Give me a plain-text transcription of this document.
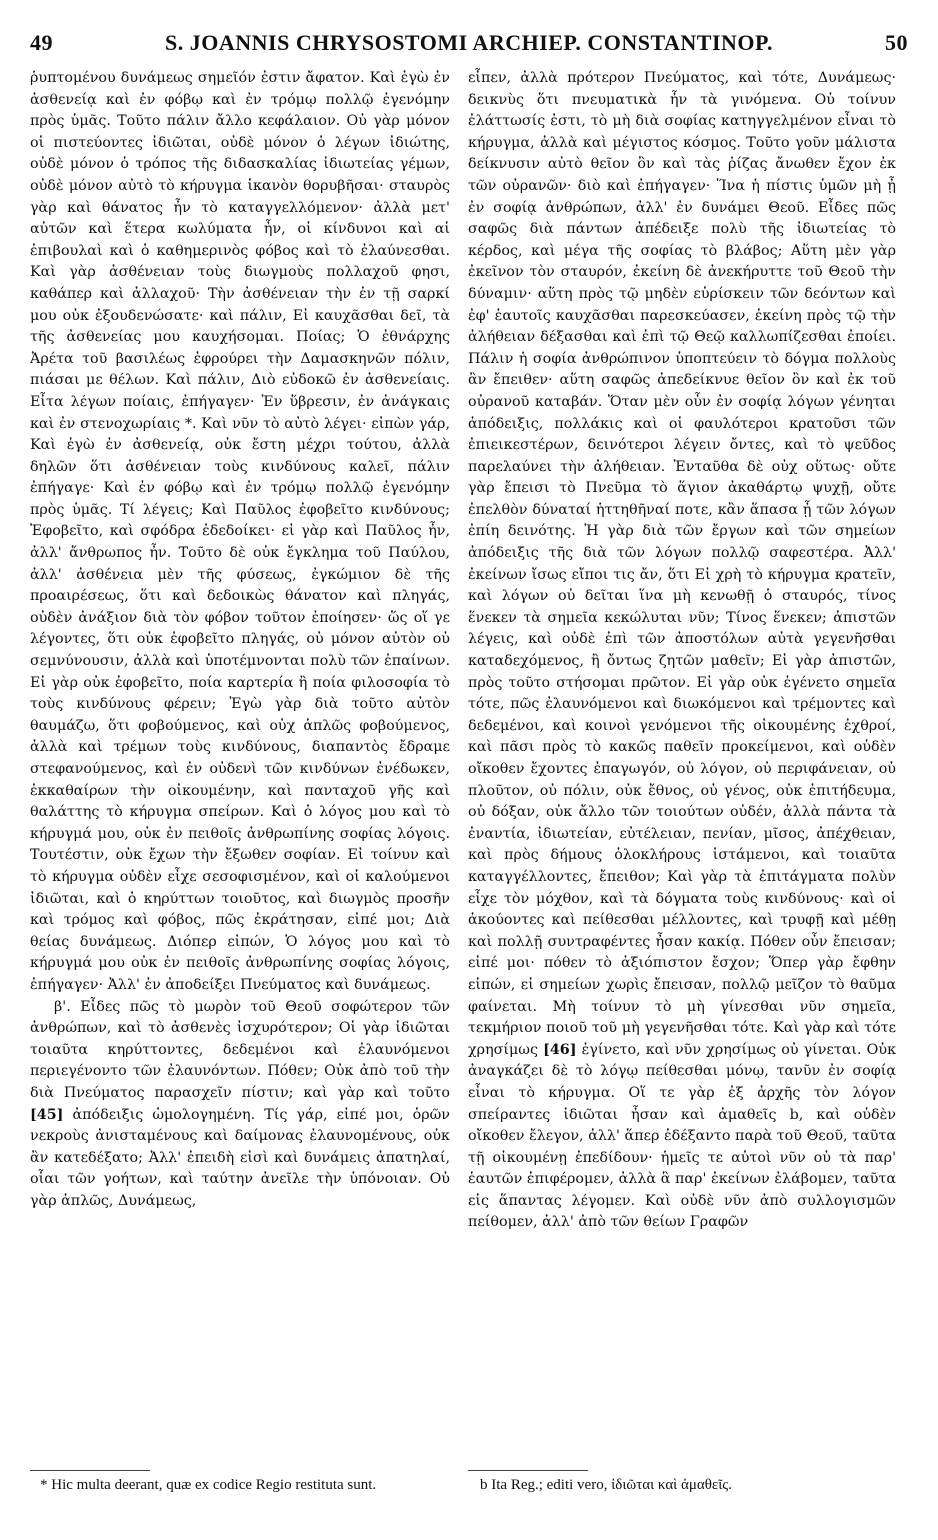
49	S. JOANNIS CHRYSOSTOMI ARCHIEP. CONSTANTINOP.	50

ῥυπτομένου δυνάμεως σημεῖόν ἐστιν ἄφατον. Καὶ ἐγὼ ἐν ἀσθενείᾳ καὶ ἐν φόβῳ καὶ ἐν τρόμῳ πολλῷ ἐγενόμην πρὸς ὑμᾶς. Τοῦτο πάλιν ἄλλο κεφάλαιον. Οὐ γὰρ μόνον οἱ πιστεύοντες ἰδιῶται, οὐδὲ μόνον ὁ λέγων ἰδιώτης, οὐδὲ μόνον ὁ τρόπος τῆς διδασκαλίας ἰδιωτείας γέμων, οὐδὲ μόνον αὐτὸ τὸ κήρυγμα ἱκανὸν θορυβῆσαι· σταυρὸς γὰρ καὶ θάνατος ἦν τὸ καταγγελλόμενον· ἀλλὰ μετ' αὐτῶν καὶ ἕτερα κωλύματα ἦν, οἱ κίνδυνοι καὶ αἱ ἐπιβουλαὶ καὶ ὁ καθημερινὸς φόβος καὶ τὸ ἐλαύνεσθαι. Καὶ γὰρ ἀσθένειαν τοὺς διωγμοὺς πολλαχοῦ φησι, καθάπερ καὶ ἀλλαχοῦ· Τὴν ἀσθένειαν τὴν ἐν τῇ σαρκί μου οὐκ ἐξουδενώσατε· καὶ πάλιν, Εἰ καυχᾶσθαι δεῖ, τὰ τῆς ἀσθενείας μου καυχήσομαι. Ποίας; Ὁ ἐθνάρχης Ἀρέτα τοῦ βασιλέως ἐφρούρει τὴν Δαμασκηνῶν πόλιν, πιάσαι με θέλων. Καὶ πάλιν, Διὸ εὐδοκῶ ἐν ἀσθενείαις. Εἶτα λέγων ποίαις, ἐπήγαγεν· Ἐν ὕβρεσιν, ἐν ἀνάγκαις καὶ ἐν στενοχωρίαις *. Καὶ νῦν τὸ αὐτὸ λέγει· εἰπὼν γάρ, Καὶ ἐγὼ ἐν ἀσθενείᾳ, οὐκ ἔστη μέχρι τούτου, ἀλλὰ δηλῶν ὅτι ἀσθένειαν τοὺς κινδύνους καλεῖ, πάλιν ἐπήγαγε· Καὶ ἐν φόβῳ καὶ ἐν τρόμῳ πολλῷ ἐγενόμην πρὸς ὑμᾶς. Τί λέγεις; Καὶ Παῦλος ἐφοβεῖτο κινδύνους; Ἐφοβεῖτο, καὶ σφόδρα ἐδεδοίκει· εἰ γὰρ καὶ Παῦλος ἦν, ἀλλ' ἄνθρωπος ἦν. Τοῦτο δὲ οὐκ ἔγκλημα τοῦ Παύλου, ἀλλ' ἀσθένεια μὲν τῆς φύσεως, ἐγκώμιον δὲ τῆς προαιρέσεως, ὅτι καὶ δεδοικὼς θάνατον καὶ πληγάς, οὐδὲν ἀνάξιον διὰ τὸν φόβον τοῦτον ἐποίησεν· ὥς οἵ γε λέγοντες, ὅτι οὐκ ἐφοβεῖτο πληγάς, οὐ μόνον αὐτὸν οὐ σεμνύνουσιν, ἀλλὰ καὶ ὑποτέμνονται πολὺ τῶν ἐπαίνων. Εἰ γὰρ οὐκ ἐφοβεῖτο, ποία καρτερία ἢ ποία φιλοσοφία τὸ τοὺς κινδύνους φέρειν; Ἐγὼ γὰρ διὰ τοῦτο αὐτὸν θαυμάζω, ὅτι φοβούμενος, καὶ οὐχ ἁπλῶς φοβούμενος, ἀλλὰ καὶ τρέμων τοὺς κινδύνους, διαπαντὸς ἔδραμε στεφανούμενος, καὶ ἐν οὐδενὶ τῶν κινδύνων ἐνέδωκεν, ἐκκαθαίρων τὴν οἰκουμένην, καὶ πανταχοῦ γῆς καὶ θαλάττης τὸ κήρυγμα σπείρων. Καὶ ὁ λόγος μου καὶ τὸ κήρυγμά μου, οὐκ ἐν πειθοῖς ἀνθρωπίνης σοφίας λόγοις. Τουτέστιν, οὐκ ἔχων τὴν ἔξωθεν σοφίαν. Εἰ τοίνυν καὶ τὸ κήρυγμα οὐδὲν εἶχε σεσοφισμένον, καὶ οἱ καλούμενοι ἰδιῶται, καὶ ὁ κηρύττων τοιοῦτος, καὶ διωγμὸς προσῆν καὶ τρόμος καὶ φόβος, πῶς ἐκράτησαν, εἰπέ μοι; Διὰ θείας δυνάμεως. Διόπερ εἰπών, Ὁ λόγος μου καὶ τὸ κήρυγμά μου οὐκ ἐν πειθοῖς ἀνθρωπίνης σοφίας λόγοις, ἐπήγαγεν· Ἀλλ' ἐν ἀποδείξει Πνεύματος καὶ δυνάμεως.

β'. Εἶδες πῶς τὸ μωρὸν τοῦ Θεοῦ σοφώτερον τῶν ἀνθρώπων, καὶ τὸ ἀσθενὲς ἰσχυρότερον; Οἱ γὰρ ἰδιῶται τοιαῦτα κηρύττοντες, δεδεμένοι καὶ ἐλαυνόμενοι περιεγένοντο τῶν ἐλαυνόντων. Πόθεν; Οὐκ ἀπὸ τοῦ τὴν διὰ Πνεύματος παρασχεῖν πίστιν; καὶ γὰρ καὶ τοῦτο [45] ἀπόδειξις ὡμολογημένη. Τίς γάρ, εἰπέ μοι, ὁρῶν νεκροὺς ἀνισταμένους καὶ δαίμονας ἐλαυνομένους, οὐκ ἂν κατεδέξατο; Ἀλλ' ἐπειδὴ εἰσὶ καὶ δυνάμεις ἀπατηλαί, οἷαι τῶν γοήτων, καὶ ταύτην ἀνεῖλε τὴν ὑπόνοιαν. Οὐ γὰρ ἁπλῶς, Δυνάμεως,

εἶπεν, ἀλλὰ πρότερον Πνεύματος, καὶ τότε, Δυνάμεως· δεικνὺς ὅτι πνευματικὰ ἦν τὰ γινόμενα. Οὐ τοίνυν ἐλάττωσίς ἐστι, τὸ μὴ διὰ σοφίας κατηγγελμένον εἶναι τὸ κήρυγμα, ἀλλὰ καὶ μέγιστος κόσμος. Τοῦτο γοῦν μάλιστα δείκνυσιν αὐτὸ θεῖον ὂν καὶ τὰς ῥίζας ἄνωθεν ἔχον ἐκ τῶν οὐρανῶν· διὸ καὶ ἐπήγαγεν· Ἵνα ἡ πίστις ὑμῶν μὴ ᾖ ἐν σοφίᾳ ἀνθρώπων, ἀλλ' ἐν δυνάμει Θεοῦ. Εἶδες πῶς σαφῶς διὰ πάντων ἀπέδειξε πολὺ τῆς ἰδιωτείας τὸ κέρδος, καὶ μέγα τῆς σοφίας τὸ βλάβος; Αὕτη μὲν γὰρ ἐκεῖνον τὸν σταυρόν, ἐκείνη δὲ ἀνεκήρυττε τοῦ Θεοῦ τὴν δύναμιν· αὕτη πρὸς τῷ μηδὲν εὑρίσκειν τῶν δεόντων καὶ ἐφ' ἑαυτοῖς καυχᾶσθαι παρεσκεύασεν, ἐκείνη πρὸς τῷ τὴν ἀλήθειαν δέξασθαι καὶ ἐπὶ τῷ Θεῷ καλλωπίζεσθαι ἐποίει. Πάλιν ἡ σοφία ἀνθρώπινον ὑποπτεύειν τὸ δόγμα πολλοὺς ἂν ἔπειθεν· αὕτη σαφῶς ἀπεδείκνυε θεῖον ὂν καὶ ἐκ τοῦ οὐρανοῦ καταβάν. Ὅταν μὲν οὖν ἐν σοφίᾳ λόγων γένηται ἀπόδειξις, πολλάκις καὶ οἱ φαυλότεροι κρατοῦσι τῶν ἐπιεικεστέρων, δεινότεροι λέγειν ὄντες, καὶ τὸ ψεῦδος παρελαύνει τὴν ἀλήθειαν. Ἐνταῦθα δὲ οὐχ οὕτως· οὔτε γὰρ ἔπεισι τὸ Πνεῦμα τὸ ἅγιον ἀκαθάρτῳ ψυχῇ, οὔτε ἐπελθὸν δύναταί ἡττηθῆναί ποτε, κἂν ἅπασα ᾖ τῶν λόγων ἐπίη δεινότης. Ἡ γὰρ διὰ τῶν ἔργων καὶ τῶν σημείων ἀπόδειξις τῆς διὰ τῶν λόγων πολλῷ σαφεστέρα. Ἀλλ' ἐκείνων ἴσως εἴποι τις ἄν, ὅτι Εἰ χρὴ τὸ κήρυγμα κρατεῖν, καὶ λόγων οὐ δεῖται ἵνα μὴ κενωθῇ ὁ σταυρός, τίνος ἕνεκεν τὰ σημεῖα κεκώλυται νῦν; Τίνος ἕνεκεν; ἀπιστῶν λέγεις, καὶ οὐδὲ ἐπὶ τῶν ἀποστόλων αὐτὰ γεγενῆσθαι καταδεχόμενος, ἢ ὄντως ζητῶν μαθεῖν; Εἰ γὰρ ἀπιστῶν, πρὸς τοῦτο στήσομαι πρῶτον. Εἰ γὰρ οὐκ ἐγένετο σημεῖα τότε, πῶς ἐλαυνόμενοι καὶ διωκόμενοι καὶ τρέμοντες καὶ δεδεμένοι, καὶ κοινοὶ γενόμενοι τῆς οἰκουμένης ἐχθροί, καὶ πᾶσι πρὸς τὸ κακῶς παθεῖν προκείμενοι, καὶ οὐδὲν οἴκοθεν ἔχοντες ἐπαγωγόν, οὐ λόγον, οὐ περιφάνειαν, οὐ πλοῦτον, οὐ πόλιν, οὐκ ἔθνος, οὐ γένος, οὐκ ἐπιτήδευμα, οὐ δόξαν, οὐκ ἄλλο τῶν τοιούτων οὐδέν, ἀλλὰ πάντα τὰ ἐναντία, ἰδιωτείαν, εὐτέλειαν, πενίαν, μῖσος, ἀπέχθειαν, καὶ πρὸς δήμους ὁλοκλήρους ἱστάμενοι, καὶ τοιαῦτα καταγγέλλοντες, ἔπειθον; Καὶ γὰρ τὰ ἐπιτάγματα πολὺν εἶχε τὸν μόχθον, καὶ τὰ δόγματα τοὺς κινδύνους· καὶ οἱ ἀκούοντες καὶ πείθεσθαι μέλλοντες, καὶ τρυφῇ καὶ μέθῃ καὶ πολλῇ συντραφέντες ἦσαν κακίᾳ. Πόθεν οὖν ἔπεισαν; εἰπέ μοι· πόθεν τὸ ἀξιόπιστον ἔσχον; Ὅπερ γὰρ ἔφθην εἰπών, εἰ σημείων χωρὶς ἔπεισαν, πολλῷ μεῖζον τὸ θαῦμα φαίνεται. Μὴ τοίνυν τὸ μὴ γίνεσθαι νῦν σημεῖα, τεκμήριον ποιοῦ τοῦ μὴ γεγενῆσθαι τότε. Καὶ γὰρ καὶ τότε χρησίμως [46] ἐγίνετο, καὶ νῦν χρησίμως οὐ γίνεται. Οὐκ ἀναγκάζει δὲ τὸ λόγῳ πείθεσθαι μόνῳ, τανῦν ἐν σοφίᾳ εἶναι τὸ κήρυγμα. Οἵ τε γὰρ ἐξ ἀρχῆς τὸν λόγον σπείραντες ἰδιῶται ἦσαν καὶ ἀμαθεῖς b, καὶ οὐδὲν οἴκοθεν ἔλεγον, ἀλλ' ἅπερ ἐδέξαντο παρὰ τοῦ Θεοῦ, ταῦτα τῇ οἰκουμένῃ ἐπεδίδουν· ἡμεῖς τε αὐτοὶ νῦν οὐ τὰ παρ' ἑαυτῶν ἐπιφέρομεν, ἀλλὰ ἃ παρ' ἐκείνων ἐλάβομεν, ταῦτα εἰς ἅπαντας λέγομεν. Καὶ οὐδὲ νῦν ἀπὸ συλλογισμῶν πείθομεν, ἀλλ' ἀπὸ τῶν θείων Γραφῶν

* Hic multa deerant, quæ ex codice Regio restituta sunt.	b Ita Reg.; editi vero, ἰδιῶται καὶ ἀμαθεῖς.
